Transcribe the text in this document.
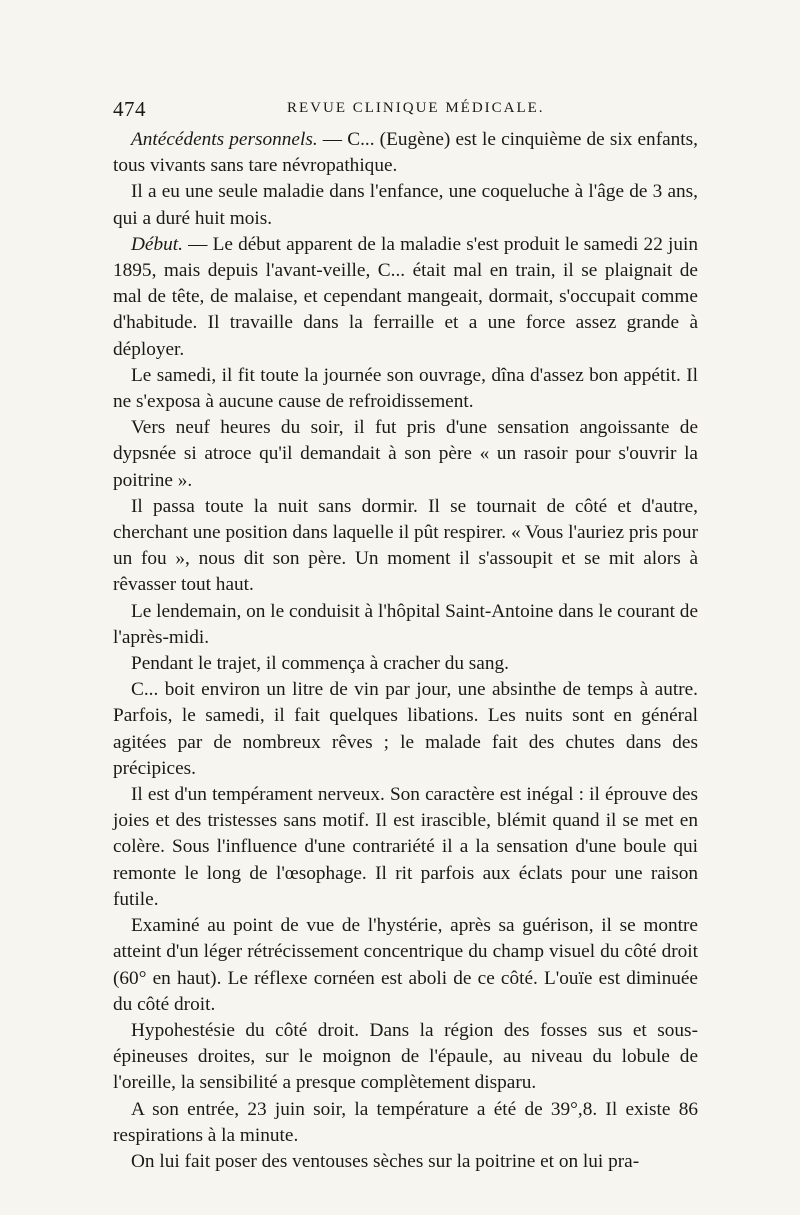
474	REVUE CLINIQUE MÉDICALE.

Antécédents personnels. — C... (Eugène) est le cinquième de six enfants, tous vivants sans tare névropathique.

Il a eu une seule maladie dans l'enfance, une coqueluche à l'âge de 3 ans, qui a duré huit mois.

Début. — Le début apparent de la maladie s'est produit le samedi 22 juin 1895, mais depuis l'avant-veille, C... était mal en train, il se plaignait de mal de tête, de malaise, et cependant mangeait, dormait, s'occupait comme d'habitude. Il travaille dans la ferraille et a une force assez grande à déployer.

Le samedi, il fit toute la journée son ouvrage, dîna d'assez bon appétit. Il ne s'exposa à aucune cause de refroidissement.

Vers neuf heures du soir, il fut pris d'une sensation angoissante de dypsnée si atroce qu'il demandait à son père « un rasoir pour s'ouvrir la poitrine ».

Il passa toute la nuit sans dormir. Il se tournait de côté et d'autre, cherchant une position dans laquelle il pût respirer. « Vous l'auriez pris pour un fou », nous dit son père. Un moment il s'assoupit et se mit alors à rêvasser tout haut.

Le lendemain, on le conduisit à l'hôpital Saint-Antoine dans le courant de l'après-midi.

Pendant le trajet, il commença à cracher du sang.

C... boit environ un litre de vin par jour, une absinthe de temps à autre. Parfois, le samedi, il fait quelques libations. Les nuits sont en général agitées par de nombreux rêves ; le malade fait des chutes dans des précipices.

Il est d'un tempérament nerveux. Son caractère est inégal : il éprouve des joies et des tristesses sans motif. Il est irascible, blémit quand il se met en colère. Sous l'influence d'une contrariété il a la sensation d'une boule qui remonte le long de l'œsophage. Il rit parfois aux éclats pour une raison futile.

Examiné au point de vue de l'hystérie, après sa guérison, il se montre atteint d'un léger rétrécissement concentrique du champ visuel du côté droit (60° en haut). Le réflexe cornéen est aboli de ce côté. L'ouïe est diminuée du côté droit.

Hypohestésie du côté droit. Dans la région des fosses sus et sous-épineuses droites, sur le moignon de l'épaule, au niveau du lobule de l'oreille, la sensibilité a presque complètement disparu.

A son entrée, 23 juin soir, la température a été de 39°,8. Il existe 86 respirations à la minute.

On lui fait poser des ventouses sèches sur la poitrine et on lui pra-
